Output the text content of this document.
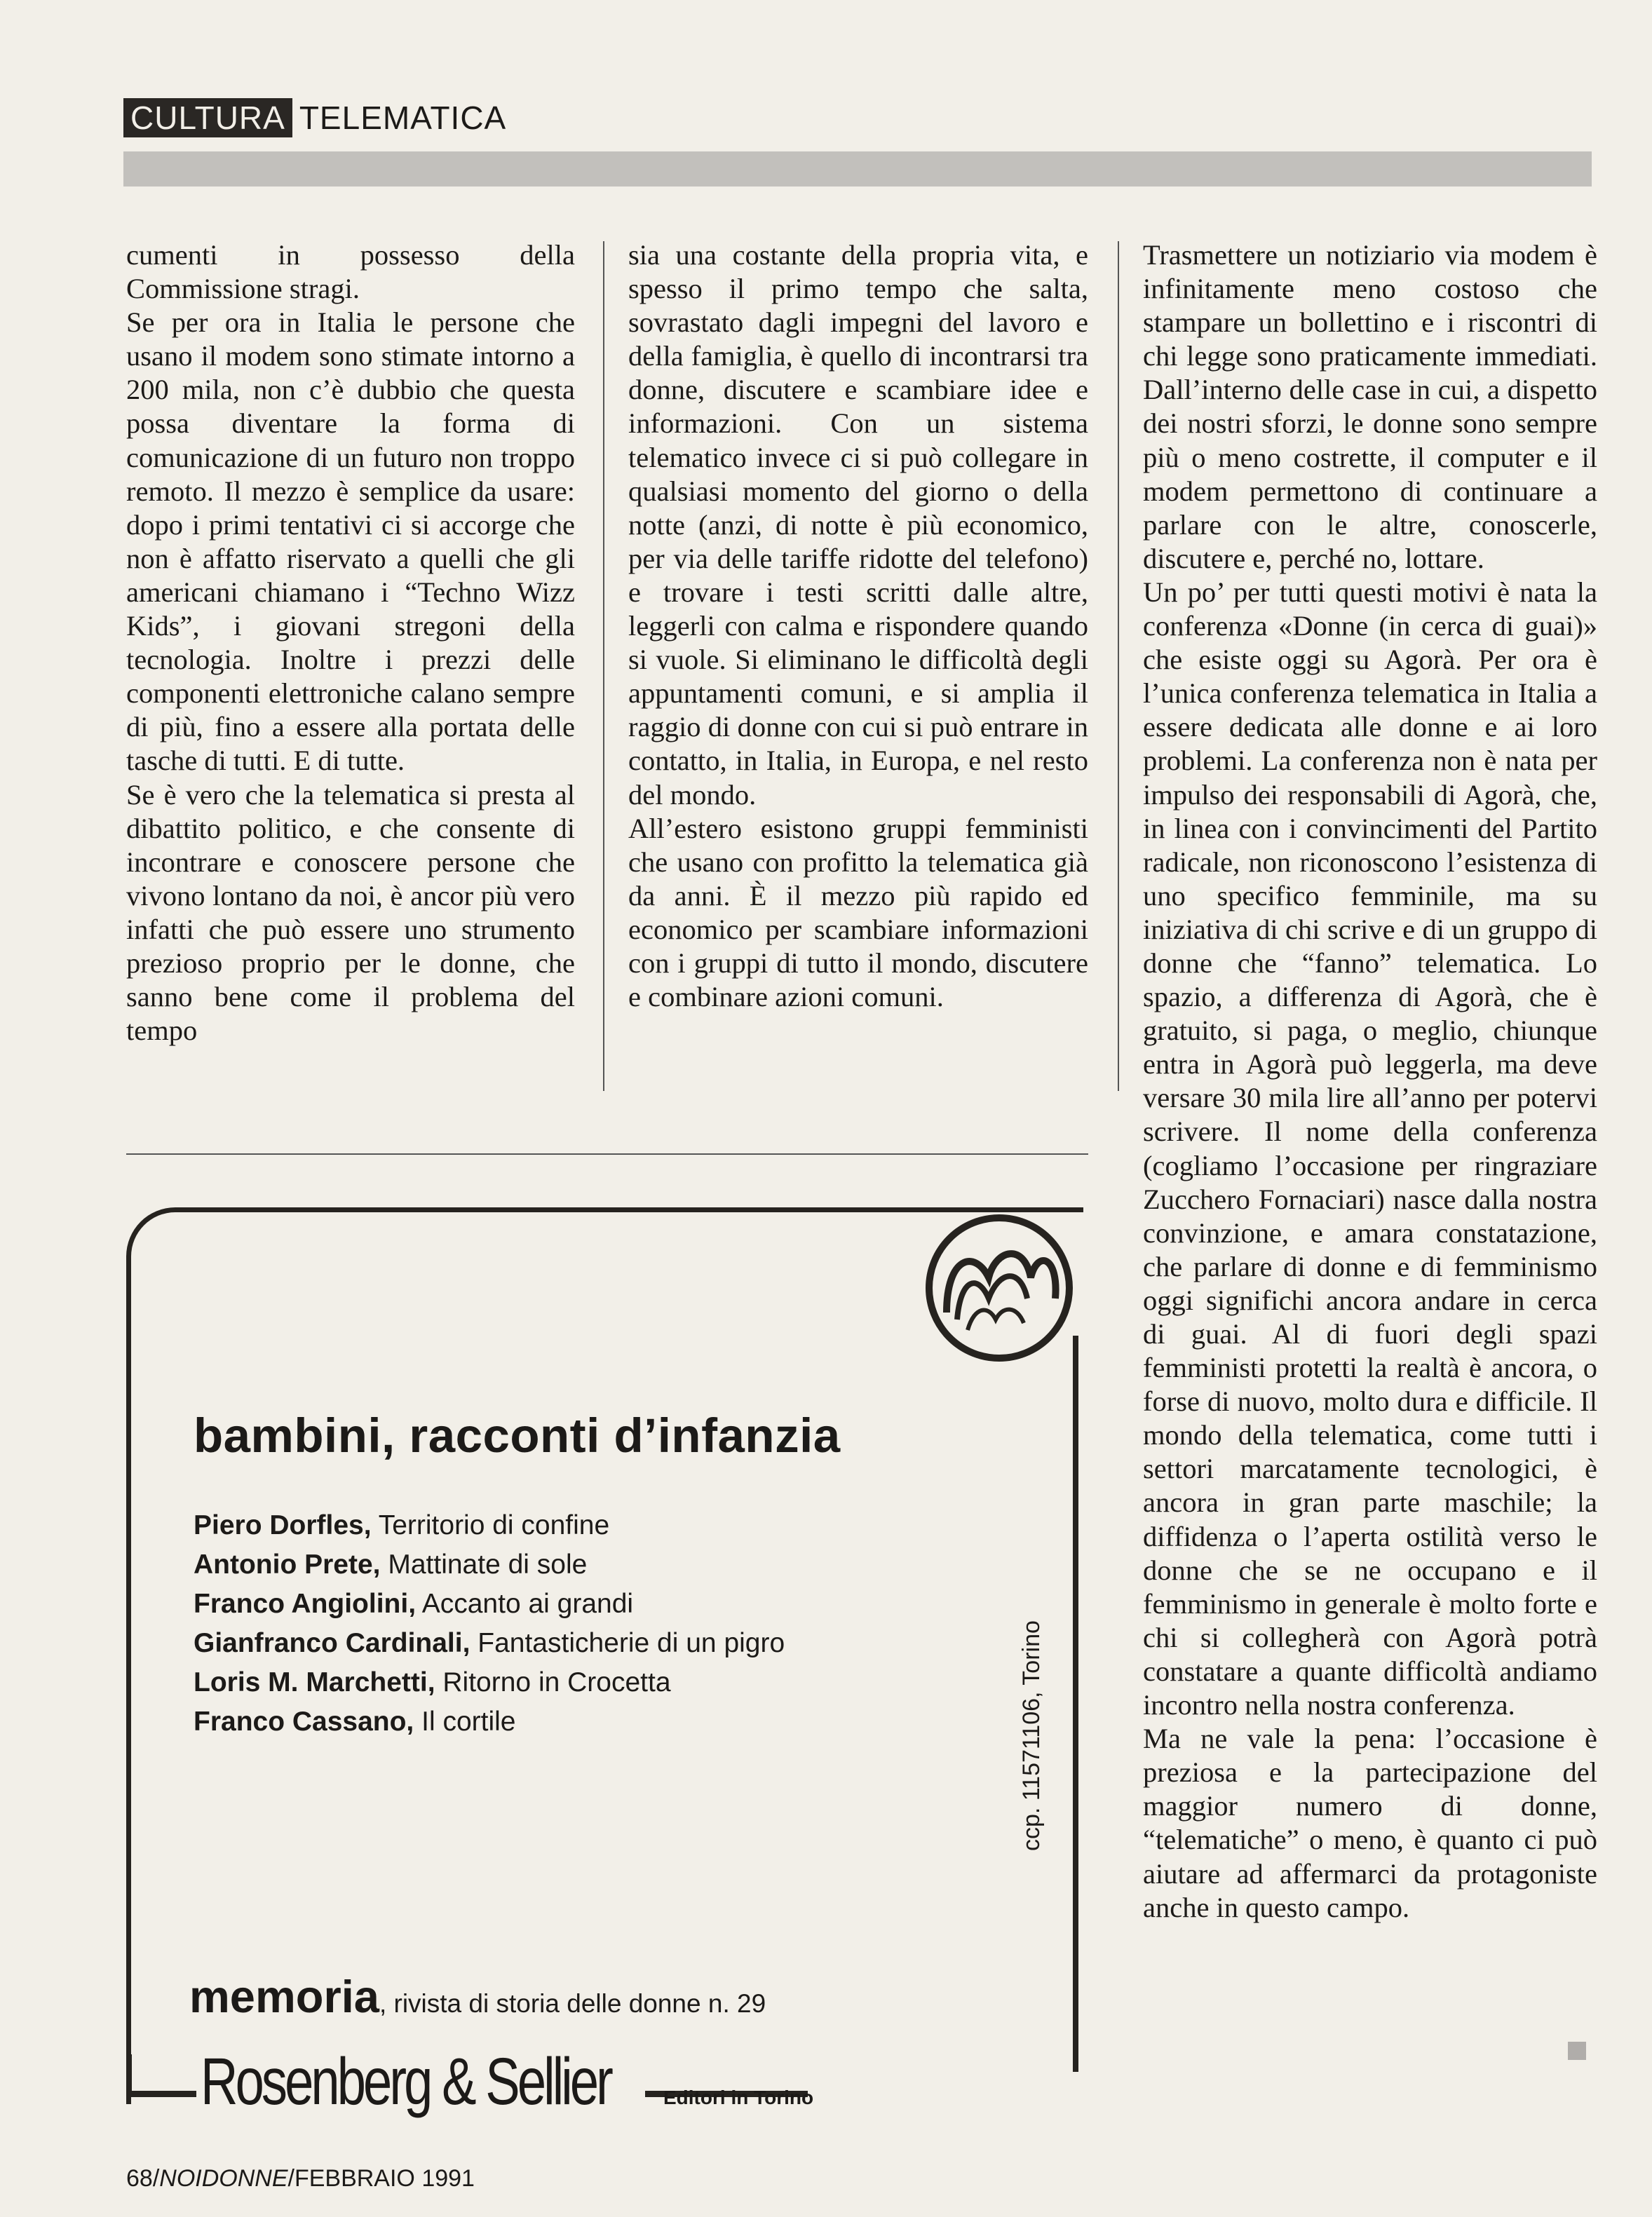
CULTURA TELEMATICA

cumenti in possesso della Commissione stragi.

Se per ora in Italia le persone che usano il modem sono stimate intorno a 200 mila, non c’è dubbio che questa possa diventare la forma di comunicazione di un futuro non troppo remoto. Il mezzo è semplice da usare: dopo i primi tentativi ci si accorge che non è affatto riservato a quelli che gli americani chiamano i “Techno Wizz Kids”, i giovani stregoni della tecnologia. Inoltre i prezzi delle componenti elettroniche calano sempre di più, fino a essere alla portata delle tasche di tutti. E di tutte.

Se è vero che la telematica si presta al dibattito politico, e che consente di incontrare e conoscere persone che vivono lontano da noi, è ancor più vero infatti che può essere uno strumento prezioso proprio per le donne, che sanno bene come il problema del tempo

sia una costante della propria vita, e spesso il primo tempo che salta, sovrastato dagli impegni del lavoro e della famiglia, è quello di incontrarsi tra donne, discutere e scambiare idee e informazioni. Con un sistema telematico invece ci si può collegare in qualsiasi momento del giorno o della notte (anzi, di notte è più economico, per via delle tariffe ridotte del telefono) e trovare i testi scritti dalle altre, leggerli con calma e rispondere quando si vuole. Si eliminano le difficoltà degli appuntamenti comuni, e si amplia il raggio di donne con cui si può entrare in contatto, in Italia, in Europa, e nel resto del mondo.

All’estero esistono gruppi femministi che usano con profitto la telematica già da anni. È il mezzo più rapido ed economico per scambiare informazioni con i gruppi di tutto il mondo, discutere e combinare azioni comuni.

Trasmettere un notiziario via modem è infinitamente meno costoso che stampare un bollettino e i riscontri di chi legge sono praticamente immediati. Dall’interno delle case in cui, a dispetto dei nostri sforzi, le donne sono sempre più o meno costrette, il computer e il modem permettono di continuare a parlare con le altre, conoscerle, discutere e, perché no, lottare.

Un po’ per tutti questi motivi è nata la conferenza «Donne (in cerca di guai)» che esiste oggi su Agorà. Per ora è l’unica conferenza telematica in Italia a essere dedicata alle donne e ai loro problemi. La conferenza non è nata per impulso dei responsabili di Agorà, che, in linea con i convincimenti del Partito radicale, non riconoscono l’esistenza di uno specifico femminile, ma su iniziativa di chi scrive e di un gruppo di donne che “fanno” telematica. Lo spazio, a differenza di Agorà, che è gratuito, si paga, o meglio, chiunque entra in Agorà può leggerla, ma deve versare 30 mila lire all’anno per potervi scrivere. Il nome della conferenza (cogliamo l’occasione per ringraziare Zucchero Fornaciari) nasce dalla nostra convinzione, e amara constatazione, che parlare di donne e di femminismo oggi significhi ancora andare in cerca di guai. Al di fuori degli spazi femministi protetti la realtà è ancora, o forse di nuovo, molto dura e difficile. Il mondo della telematica, come tutti i settori marcatamente tecnologici, è ancora in gran parte maschile; la diffidenza o l’aperta ostilità verso le donne che se ne occupano e il femminismo in generale è molto forte e chi si collegherà con Agorà potrà constatare a quante difficoltà andiamo incontro nella nostra conferenza.

Ma ne vale la pena: l’occasione è preziosa e la partecipazione del maggior numero di donne, “telematiche” o meno, è quanto ci può aiutare ad affermarci da protagoniste anche in questo campo.

bambini, racconti d’infanzia
Piero Dorfles, Territorio di confine
Antonio Prete, Mattinate di sole
Franco Angiolini, Accanto ai grandi
Gianfranco Cardinali, Fantasticherie di un pigro
Loris M. Marchetti, Ritorno in Crocetta
Franco Cassano, Il cortile	ccp. 11571106, Torino
memoria, rivista di storia delle donne n. 29
Rosenberg & Sellier	Editori in Torino
68/NOIDONNE/FEBBRAIO 1991
